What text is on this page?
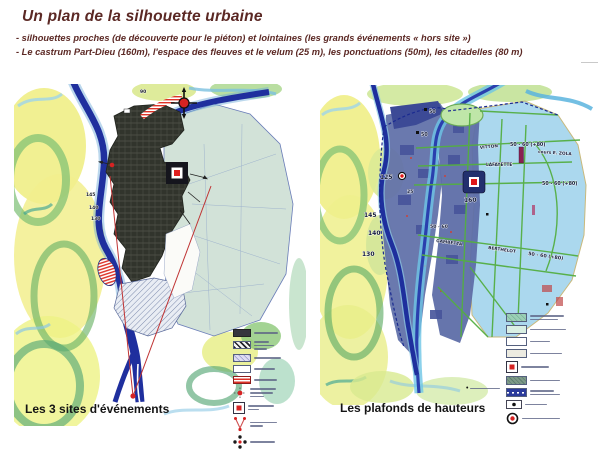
Un plan de la silhouette urbaine
- silhouettes proches (de découverte pour le piéton) et lointaines (les grands événements « hors site »)
- Le castrum Part-Dieu (160m), l'espace des fleuves et le velum (25 m), les ponctuations (50m), les citadelles (80 m)
90
145
140
130
50
50
VITTON 50 - 60 (+80)
cours E. ZOLA
LAFAYETTE
25
125
160
50 - 60 (+80)
50 - 60
145
140
130
GAMBETTA
BERTHELOT
50 - 60 (+80)
•
Les 3 sites d'événements	Les plafonds de hauteurs
